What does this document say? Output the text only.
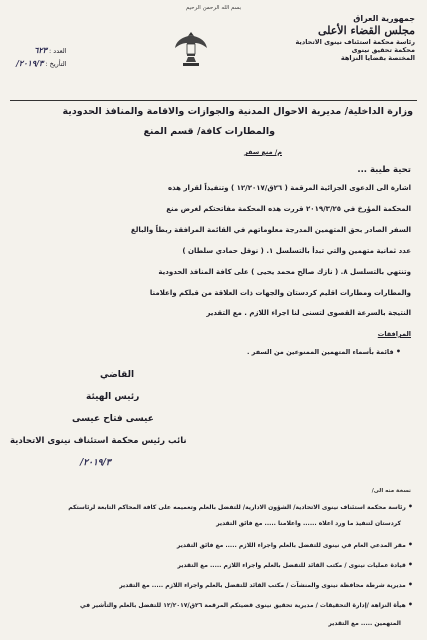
بسم الله الرحمن الرحيم
جمهورية العراق
مجلس القضاء الأعلى
رئاسة محكمة استئناف نينوى الاتحادية
محكمة تحقيق نينوى
المختصة بقضايا النزاهة
العدد : ٦٢٣
التأريخ : ٢٠١٩/٣/
وزارة الداخلية/ مديرية الاحوال المدنية والجوازات والاقامة والمنافذ الحدودية
والمطارات كافة/ قسم المنع
م/ منع سفر
تحية طيبة ...
اشارة الى الدعوى الجزائية المرقمة ( ٢٦ق/١٢/٢٠١٧ ) وتنفيذاً لقرار هذه
المحكمة المؤرخ في ٢٠١٩/٣/٢٥ قررت هذه المحكمة مفاتحتكم لغرض منع
السفر الصادر بحق المتهمين المدرجة معلوماتهم في القائمة المرافقة ربطاً والبالغ
عدد ثمانية متهمين والتي تبدأ بالتسلسل ١. ( نوفل حمادي سلطان )
وتنتهي بالتسلسل ٨. ( نازك صالح محمد يحيى ) على كافة المنافذ الحدودية
والمطارات ومطارات اقليم كردستان والجهات ذات العلاقة من قبلكم واعلامنا
النتيجة بالسرعة القصوى لتسنى لنا اجراء اللازم . مع التقدير
المرافقات
• قائمة بأسماء المتهمين الممنوعين من السفر .
القاضي
رئيس الهيئة
عيسى فتاح عيسى
نائب رئيس محكمة استئناف نينوى الاتحادية
٢٠١٩/٣/
نسخة منه الى/
• رئاسة محكمة استئناف نينوى الاتحادية/ الشؤون الادارية/ للتفضل بالعلم وتعميمه على كافة المحاكم التابعة لرئاستكم
كردستان لتنفيذ ما ورد اعلاه ...... واعلامنا ..... مع فائق التقدير
• مقر المدعي العام في نينوى للتفضل بالعلم واجراء اللازم ..... مع فائق التقدير
• قيادة عمليات نينوى / مكتب القائد للتفضل بالعلم واجراء اللازم ..... مع التقدير
• مديرية شرطة محافظة نينوى والمنشآت / مكتب القائد للتفضل بالعلم واجراء اللازم ..... مع التقدير
• هيأة النزاهة /إدارة التحقيقات / مديرية تحقيق نينوى قضيتكم المرقمة ٢٦ق/١٢/٢٠١٧ للتفضل بالعلم والتأشير في
المتهمين ..... مع التقدير
